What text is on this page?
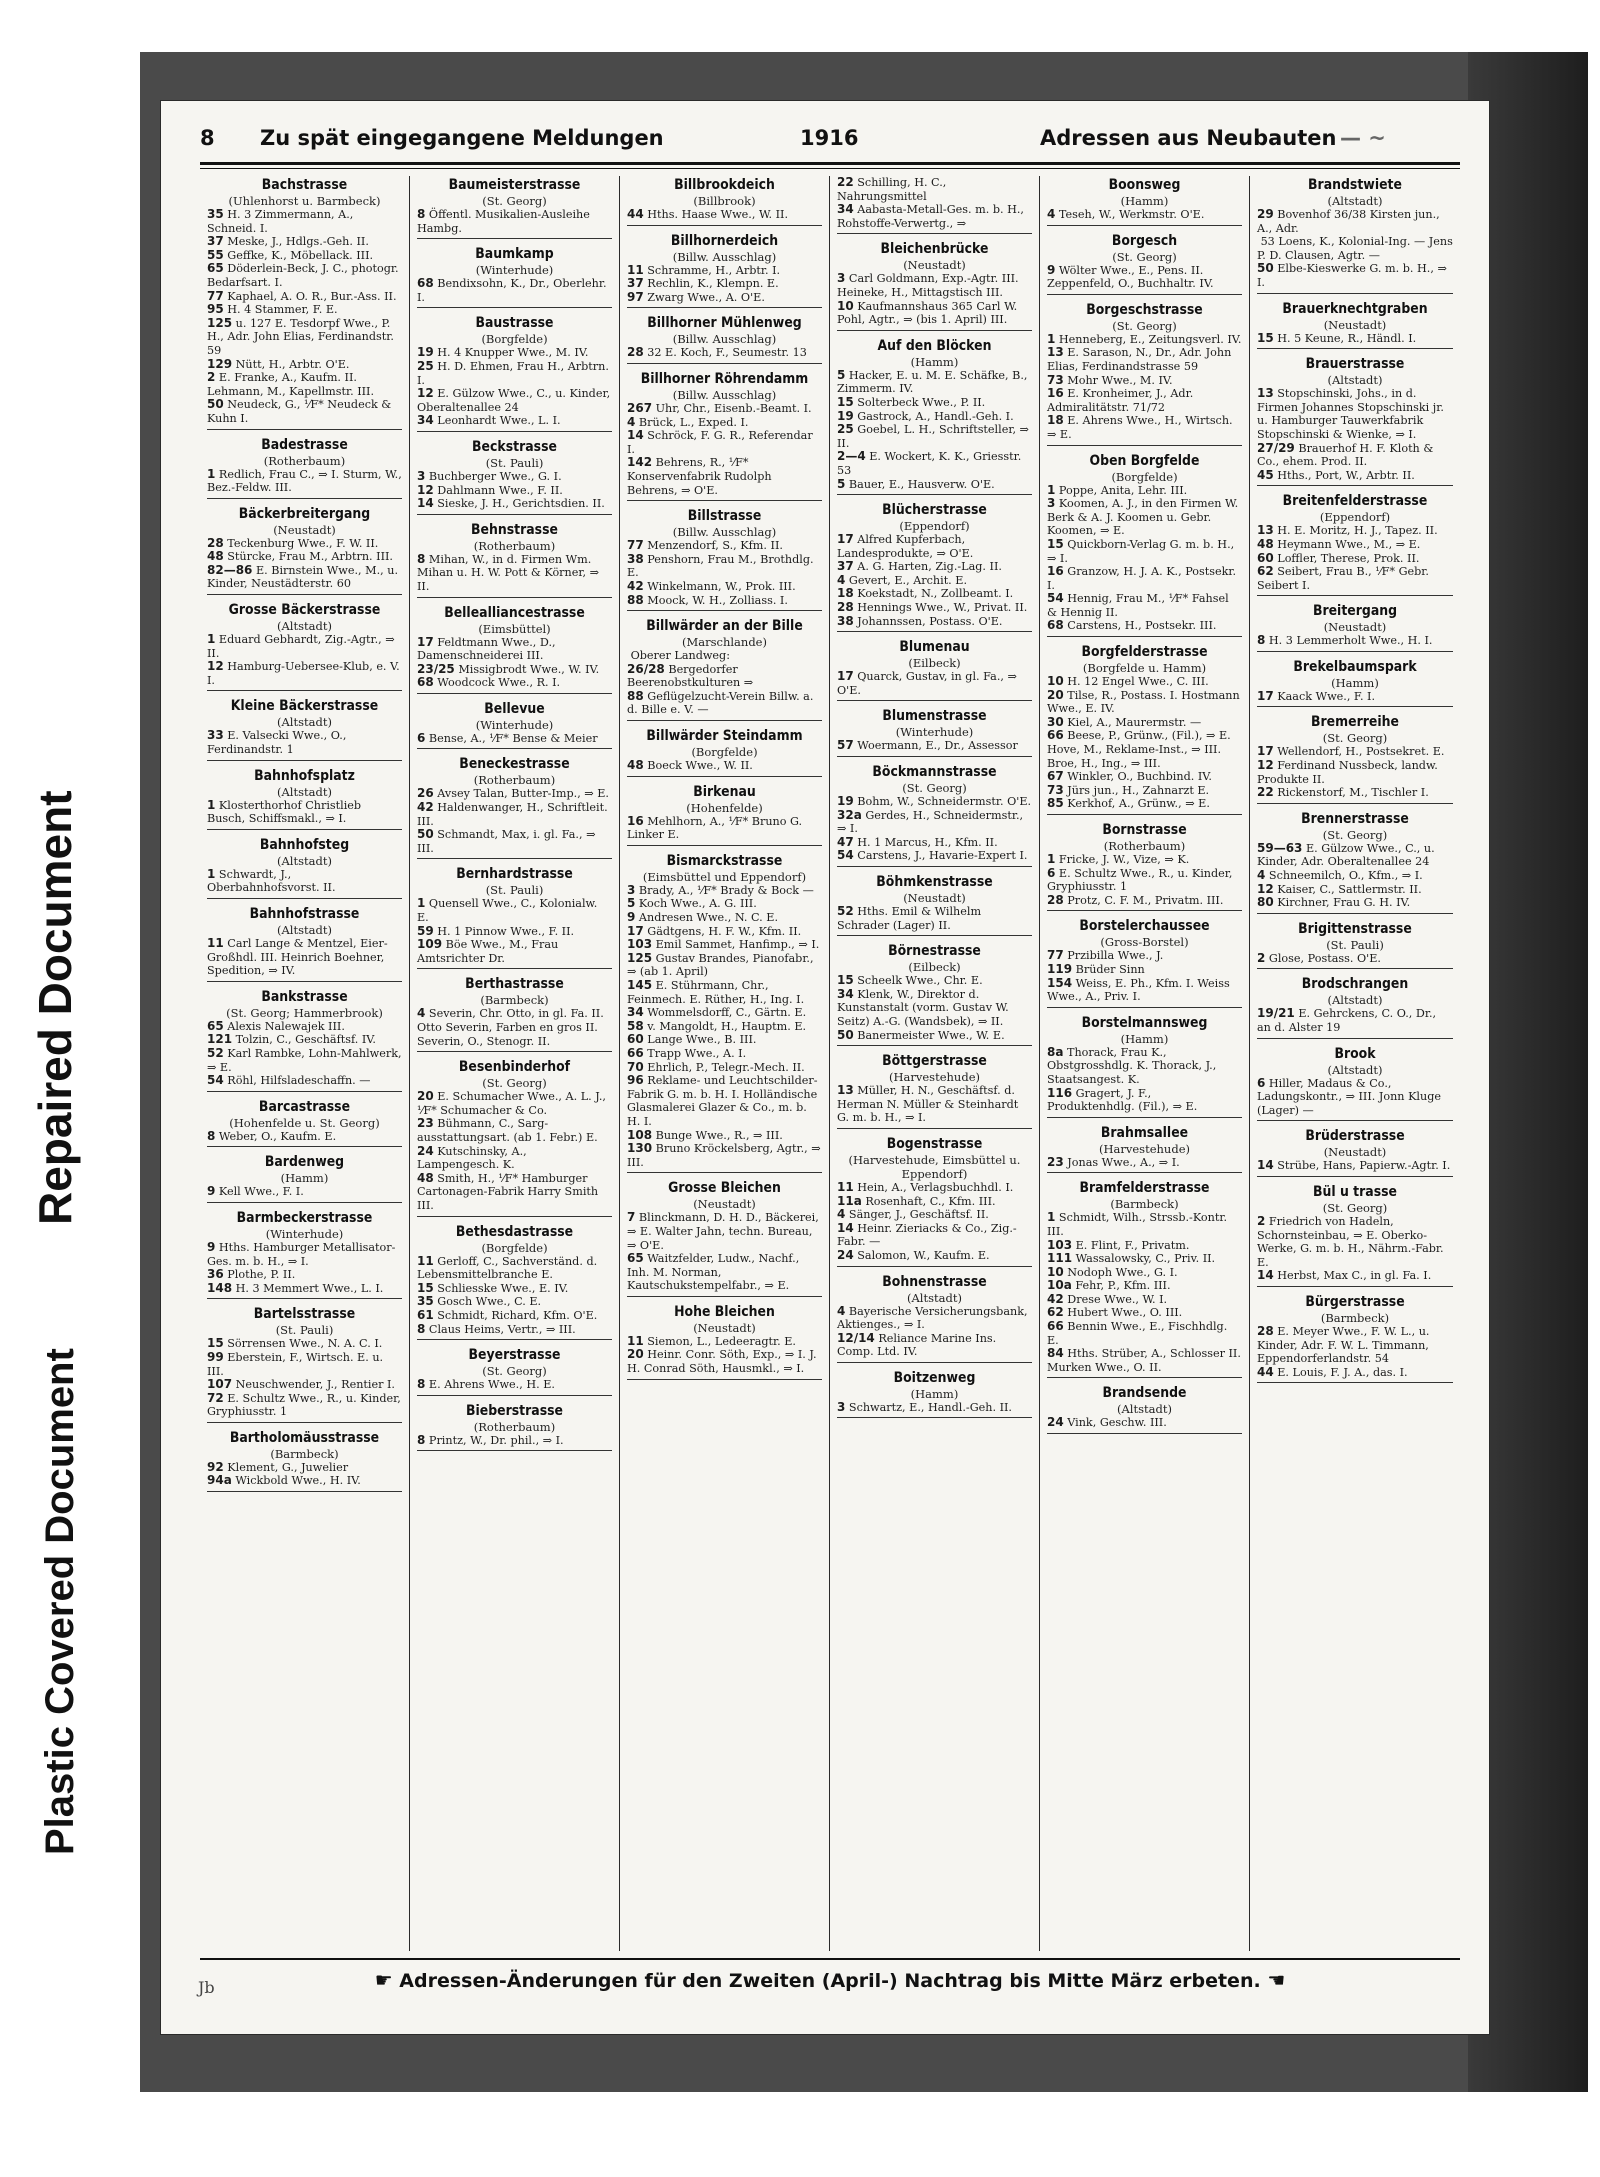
Repaired Document
Plastic Covered Document
8 Zu spät eingegangene Meldungen	1916	Adressen aus Neubauten — ~
Bachstrasse
(Uhlenhorst u. Barmbeck)
35 H. 3 Zimmermann, A., Schneid. I.
37 Meske, J., Hdlgs.-Geh. II.
55 Geffke, K., Möbellack. III.
65 Döderlein-Beck, J. C., photogr. Bedarfsart. I.
77 Kaphael, A. O. R., Bur.-Ass. II.
95 H. 4 Stammer, F. E.
125 u. 127 E. Tesdorpf Wwe., P. H., Adr. John Elias, Ferdinandstr. 59
129 Nütt, H., Arbtr. O'E.
2 E. Franke, A., Kaufm. II. Lehmann, M., Kapellmstr. III.
50 Neudeck, G., ⅟F* Neudeck & Kuhn I.
Badestrasse
(Rotherbaum)
1 Redlich, Frau C., ⇒ I. Sturm, W., Bez.-Feldw. III.
Bäckerbreitergang
(Neustadt)
28 Teckenburg Wwe., F. W. II.
48 Stürcke, Frau M., Arbtrn. III.
82—86 E. Birnstein Wwe., M., u. Kinder, Neustädterstr. 60
Grosse Bäckerstrasse
(Altstadt)
1 Eduard Gebhardt, Zig.-Agtr., ⇒ II.
12 Hamburg-Uebersee-Klub, e. V. I.
Kleine Bäckerstrasse
(Altstadt)
33 E. Valsecki Wwe., O., Ferdinandstr. 1
Bahnhofsplatz
(Altstadt)
1 Klosterthorhof Christlieb Busch, Schiffsmakl., ⇒ I.
Bahnhofsteg
(Altstadt)
1 Schwardt, J., Oberbahnhofsvorst. II.
Bahnhofstrasse
(Altstadt)
11 Carl Lange & Mentzel, Eier-Großhdl. III. Heinrich Boehner, Spedition, ⇒ IV.
Bankstrasse
(St. Georg; Hammerbrook)
65 Alexis Nalewajek III.
121 Tolzin, C., Geschäftsf. IV.
52 Karl Rambke, Lohn-Mahlwerk, ⇒ E.
54 Röhl, Hilfsladeschaffn. —
Barcastrasse
(Hohenfelde u. St. Georg)
8 Weber, O., Kaufm. E.
Bardenweg
(Hamm)
9 Kell Wwe., F. I.
Barmbeckerstrasse
(Winterhude)
9 Hths. Hamburger Metallisator-Ges. m. b. H., ⇒ I.
36 Plothe, P. II.
148 H. 3 Memmert Wwe., L. I.
Bartelsstrasse
(St. Pauli)
15 Sörrensen Wwe., N. A. C. I.
99 Eberstein, F., Wirtsch. E. u. III.
107 Neuschwender, J., Rentier I.
72 E. Schultz Wwe., R., u. Kinder, Gryphiusstr. 1
Bartholomäusstrasse
(Barmbeck)
92 Klement, G., Juwelier
94a Wickbold Wwe., H. IV.
Baumeisterstrasse
(St. Georg)
8 Öffentl. Musikalien-Ausleihe Hambg.
Baumkamp
(Winterhude)
68 Bendixsohn, K., Dr., Oberlehr. I.
Baustrasse
(Borgfelde)
19 H. 4 Knupper Wwe., M. IV.
25 H. D. Ehmen, Frau H., Arbtrn. I.
12 E. Gülzow Wwe., C., u. Kinder, Oberaltenallee 24
34 Leonhardt Wwe., L. I.
Beckstrasse
(St. Pauli)
3 Buchberger Wwe., G. I.
12 Dahlmann Wwe., F. II.
14 Sieske, J. H., Gerichtsdien. II.
Behnstrasse
(Rotherbaum)
8 Mihan, W., in d. Firmen Wm. Mihan u. H. W. Pott & Körner, ⇒ II.
Bellealliancestrasse
(Eimsbüttel)
17 Feldtmann Wwe., D., Damenschneiderei III.
23/25 Missigbrodt Wwe., W. IV.
68 Woodcock Wwe., R. I.
Bellevue
(Winterhude)
6 Bense, A., ⅟F* Bense & Meier
Beneckestrasse
(Rotherbaum)
26 Avsey Talan, Butter-Imp., ⇒ E.
42 Haldenwanger, H., Schriftleit. III.
50 Schmandt, Max, i. gl. Fa., ⇒ III.
Bernhardstrasse
(St. Pauli)
1 Quensell Wwe., C., Kolonialw. E.
59 H. 1 Pinnow Wwe., F. II.
109 Böe Wwe., M., Frau Amtsrichter Dr.
Berthastrasse
(Barmbeck)
4 Severin, Chr. Otto, in gl. Fa. II. Otto Severin, Farben en gros II. Severin, O., Stenogr. II.
Besenbinderhof
(St. Georg)
20 E. Schumacher Wwe., A. L. J., ⅟F* Schumacher & Co.
23 Bühmann, C., Sarg-ausstattungsart. (ab 1. Febr.) E.
24 Kutschinsky, A., Lampengesch. K.
48 Smith, H., ⅟F* Hamburger Cartonagen-Fabrik Harry Smith III.
Bethesdastrasse
(Borgfelde)
11 Gerloff, C., Sachverständ. d. Lebensmittelbranche E.
15 Schliesske Wwe., E. IV.
35 Gosch Wwe., C. E.
61 Schmidt, Richard, Kfm. O'E.
8 Claus Heims, Vertr., ⇒ III.
Beyerstrasse
(St. Georg)
8 E. Ahrens Wwe., H. E.
Bieberstrasse
(Rotherbaum)
8 Printz, W., Dr. phil., ⇒ I.
Billbrookdeich
(Billbrook)
44 Hths. Haase Wwe., W. II.
Billhornerdeich
(Billw. Ausschlag)
11 Schramme, H., Arbtr. I.
37 Rechlin, K., Klempn. E.
97 Zwarg Wwe., A. O'E.
Billhorner Mühlenweg
(Billw. Ausschlag)
28 32 E. Koch, F., Seumestr. 13
Billhorner Röhrendamm
(Billw. Ausschlag)
267 Uhr, Chr., Eisenb.-Beamt. I.
4 Brück, L., Exped. I.
14 Schröck, F. G. R., Referendar I.
142 Behrens, R., ⅟F* Konservenfabrik Rudolph Behrens, ⇒ O'E.
Billstrasse
(Billw. Ausschlag)
77 Menzendorf, S., Kfm. II.
38 Penshorn, Frau M., Brothdlg. E.
42 Winkelmann, W., Prok. III.
88 Moock, W. H., Zolliass. I.
Billwärder an der Bille
(Marschlande)
Oberer Landweg:
26/28 Bergedorfer Beerenobstkulturen ⇒
88 Geflügelzucht-Verein Billw. a. d. Bille e. V. —
Billwärder Steindamm
(Borgfelde)
48 Boeck Wwe., W. II.
Birkenau
(Hohenfelde)
16 Mehlhorn, A., ⅟F* Bruno G. Linker E.
Bismarckstrasse
(Eimsbüttel und Eppendorf)
3 Brady, A., ⅟F* Brady & Bock —
5 Koch Wwe., A. G. III.
9 Andresen Wwe., N. C. E.
17 Gädtgens, H. F. W., Kfm. II.
103 Emil Sammet, Hanfimp., ⇒ I.
125 Gustav Brandes, Pianofabr., ⇒ (ab 1. April)
145 E. Stührmann, Chr., Feinmech. E. Rüther, H., Ing. I.
34 Wommelsdorff, C., Gärtn. E.
58 v. Mangoldt, H., Hauptm. E.
60 Lange Wwe., B. III.
66 Trapp Wwe., A. I.
70 Ehrlich, P., Telegr.-Mech. II.
96 Reklame- und Leuchtschilder-Fabrik G. m. b. H. I. Holländische Glasmalerei Glazer & Co., m. b. H. I.
108 Bunge Wwe., R., ⇒ III.
130 Bruno Kröckelsberg, Agtr., ⇒ III.
Grosse Bleichen
(Neustadt)
7 Blinckmann, D. H. D., Bäckerei, ⇒ E. Walter Jahn, techn. Bureau, ⇒ O'E.
65 Waitzfelder, Ludw., Nachf., Inh. M. Norman, Kautschukstempelfabr., ⇒ E.
Hohe Bleichen
(Neustadt)
11 Siemon, L., Ledeeragtr. E.
20 Heinr. Conr. Söth, Exp., ⇒ I. J. H. Conrad Söth, Hausmkl., ⇒ I.
22 Schilling, H. C., Nahrungsmittel
34 Aabasta-Metall-Ges. m. b. H., Rohstoffe-Verwertg., ⇒
Bleichenbrücke
(Neustadt)
3 Carl Goldmann, Exp.-Agtr. III. Heineke, H., Mittagstisch III.
10 Kaufmannshaus 365 Carl W. Pohl, Agtr., ⇒ (bis 1. April) III.
Auf den Blöcken
(Hamm)
5 Hacker, E. u. M. E. Schäfke, B., Zimmerm. IV.
15 Solterbeck Wwe., P. II.
19 Gastrock, A., Handl.-Geh. I.
25 Goebel, L. H., Schriftsteller, ⇒ II.
2—4 E. Wockert, K. K., Griesstr. 53
5 Bauer, E., Hausverw. O'E.
Blücherstrasse
(Eppendorf)
17 Alfred Kupferbach, Landesprodukte, ⇒ O'E.
37 A. G. Harten, Zig.-Lag. II.
4 Gevert, E., Archit. E.
18 Koekstadt, N., Zollbeamt. I.
28 Hennings Wwe., W., Privat. II.
38 Johannssen, Postass. O'E.
Blumenau
(Eilbeck)
17 Quarck, Gustav, in gl. Fa., ⇒ O'E.
Blumenstrasse
(Winterhude)
57 Woermann, E., Dr., Assessor
Böckmannstrasse
(St. Georg)
19 Bohm, W., Schneidermstr. O'E.
32a Gerdes, H., Schneidermstr., ⇒ I.
47 H. 1 Marcus, H., Kfm. II.
54 Carstens, J., Havarie-Expert I.
Böhmkenstrasse
(Neustadt)
52 Hths. Emil & Wilhelm Schrader (Lager) II.
Börnestrasse
(Eilbeck)
15 Scheelk Wwe., Chr. E.
34 Klenk, W., Direktor d. Kunstanstalt (vorm. Gustav W. Seitz) A.-G. (Wandsbek), ⇒ II.
50 Banermeister Wwe., W. E.
Böttgerstrasse
(Harvestehude)
13 Müller, H. N., Geschäftsf. d. Herman N. Müller & Steinhardt G. m. b. H., ⇒ I.
Bogenstrasse
(Harvestehude, Eimsbüttel u. Eppendorf)
11 Hein, A., Verlagsbuchhdl. I.
11a Rosenhaft, C., Kfm. III.
4 Sänger, J., Geschäftsf. II.
14 Heinr. Zieriacks & Co., Zig.-Fabr. —
24 Salomon, W., Kaufm. E.
Bohnenstrasse
(Altstadt)
4 Bayerische Versicherungsbank, Aktienges., ⇒ I.
12/14 Reliance Marine Ins. Comp. Ltd. IV.
Boitzenweg
(Hamm)
3 Schwartz, E., Handl.-Geh. II.
Boonsweg
(Hamm)
4 Teseh, W., Werkmstr. O'E.
Borgesch
(St. Georg)
9 Wölter Wwe., E., Pens. II. Zeppenfeld, O., Buchhaltr. IV.
Borgeschstrasse
(St. Georg)
1 Henneberg, E., Zeitungsverl. IV.
13 E. Sarason, N., Dr., Adr. John Elias, Ferdinandstrasse 59
73 Mohr Wwe., M. IV.
16 E. Kronheimer, J., Adr. Admiralitätstr. 71/72
18 E. Ahrens Wwe., H., Wirtsch. ⇒ E.
Oben Borgfelde
(Borgfelde)
1 Poppe, Anita, Lehr. III.
3 Koomen, A. J., in den Firmen W. Berk & A. J. Koomen u. Gebr. Koomen, ⇒ E.
15 Quickborn-Verlag G. m. b. H., ⇒ I.
16 Granzow, H. J. A. K., Postsekr. I.
54 Hennig, Frau M., ⅟F* Fahsel & Hennig II.
68 Carstens, H., Postsekr. III.
Borgfelderstrasse
(Borgfelde u. Hamm)
10 H. 12 Engel Wwe., C. III.
20 Tilse, R., Postass. I. Hostmann Wwe., E. IV.
30 Kiel, A., Maurermstr. —
66 Beese, P., Grünw., (Fil.), ⇒ E. Hove, M., Reklame-Inst., ⇒ III. Broe, H., Ing., ⇒ III.
67 Winkler, O., Buchbind. IV.
73 Jürs jun., H., Zahnarzt E.
85 Kerkhof, A., Grünw., ⇒ E.
Bornstrasse
(Rotherbaum)
1 Fricke, J. W., Vize, ⇒ K.
6 E. Schultz Wwe., R., u. Kinder, Gryphiusstr. 1
28 Protz, C. F. M., Privatm. III.
Borstelerchaussee
(Gross-Borstel)
77 Przibilla Wwe., J.
119 Brüder Sinn
154 Weiss, E. Ph., Kfm. I. Weiss Wwe., A., Priv. I.
Borstelmannsweg
(Hamm)
8a Thorack, Frau K., Obstgrosshdlg. K. Thorack, J., Staatsangest. K.
116 Gragert, J. F., Produktenhdlg. (Fil.), ⇒ E.
Brahmsallee
(Harvestehude)
23 Jonas Wwe., A., ⇒ I.
Bramfelderstrasse
(Barmbeck)
1 Schmidt, Wilh., Strssb.-Kontr. III.
103 E. Flint, F., Privatm.
111 Wassalowsky, C., Priv. II.
10 Nodoph Wwe., G. I.
10a Fehr, P., Kfm. III.
42 Drese Wwe., W. I.
62 Hubert Wwe., O. III.
66 Bennin Wwe., E., Fischhdlg. E.
84 Hths. Strüber, A., Schlosser II. Murken Wwe., O. II.
Brandsende
(Altstadt)
24 Vink, Geschw. III.
Brandstwiete
(Altstadt)
29 Bovenhof 36/38 Kirsten jun., A., Adr.
53 Loens, K., Kolonial-Ing. — Jens P. D. Clausen, Agtr. —
50 Elbe-Kieswerke G. m. b. H., ⇒ I.
Brauerknechtgraben
(Neustadt)
15 H. 5 Keune, R., Händl. I.
Brauerstrasse
(Altstadt)
13 Stopschinski, Johs., in d. Firmen Johannes Stopschinski jr. u. Hamburger Tauwerkfabrik Stopschinski & Wienke, ⇒ I.
27/29 Brauerhof H. F. Kloth & Co., ehem. Prod. II.
45 Hths., Port, W., Arbtr. II.
Breitenfelderstrasse
(Eppendorf)
13 H. E. Moritz, H. J., Tapez. II.
48 Heymann Wwe., M., ⇒ E.
60 Loffler, Therese, Prok. II.
62 Seibert, Frau B., ⅟F* Gebr. Seibert I.
Breitergang
(Neustadt)
8 H. 3 Lemmerholt Wwe., H. I.
Brekelbaumspark
(Hamm)
17 Kaack Wwe., F. I.
Bremerreihe
(St. Georg)
17 Wellendorf, H., Postsekret. E.
12 Ferdinand Nussbeck, landw. Produkte II.
22 Rickenstorf, M., Tischler I.
Brennerstrasse
(St. Georg)
59—63 E. Gülzow Wwe., C., u. Kinder, Adr. Oberaltenallee 24
4 Schneemilch, O., Kfm., ⇒ I.
12 Kaiser, C., Sattlermstr. II.
80 Kirchner, Frau G. H. IV.
Brigittenstrasse
(St. Pauli)
2 Glose, Postass. O'E.
Brodschrangen
(Altstadt)
19/21 E. Gehrckens, C. O., Dr., an d. Alster 19
Brook
(Altstadt)
6 Hiller, Madaus & Co., Ladungskontr., ⇒ III. Jonn Kluge (Lager) —
Brüderstrasse
(Neustadt)
14 Strübe, Hans, Papierw.-Agtr. I.
Bül u trasse
(St. Georg)
2 Friedrich von Hadeln, Schornsteinbau, ⇒ E. Oberko-Werke, G. m. b. H., Nährm.-Fabr. E.
14 Herbst, Max C., in gl. Fa. I.
Bürgerstrasse
(Barmbeck)
28 E. Meyer Wwe., F. W. L., u. Kinder, Adr. F. W. L. Timmann, Eppendorferlandstr. 54
44 E. Louis, F. J. A., das. I.
☛ Adressen-Änderungen für den Zweiten (April-) Nachtrag bis Mitte März erbeten. ☚
Jb
